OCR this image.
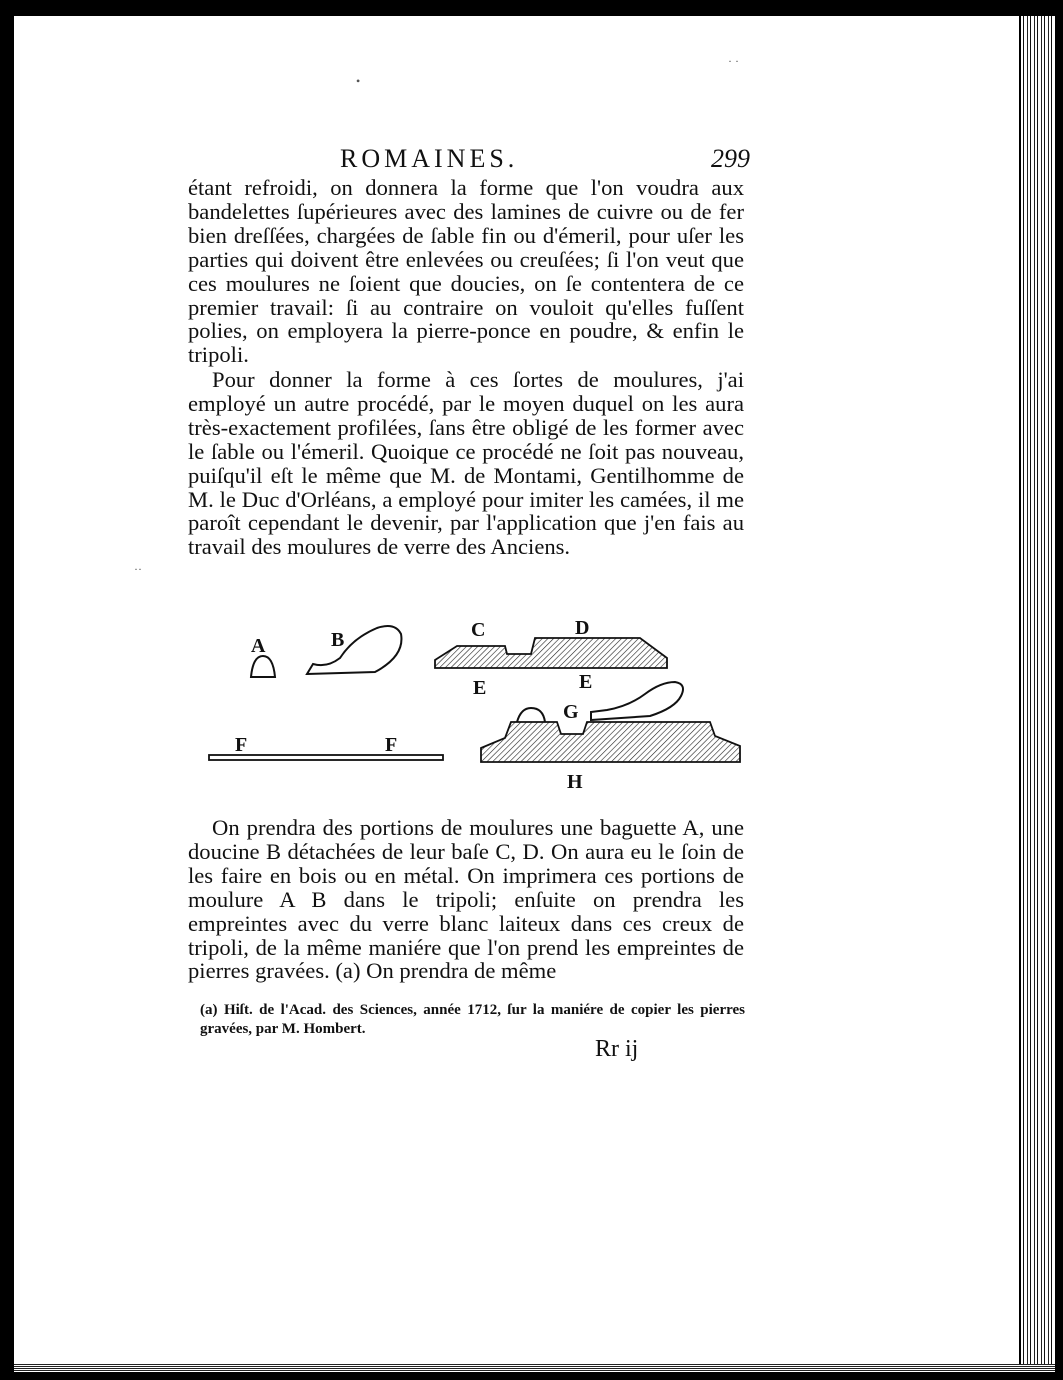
•
· ·
··
ROMAINES.	299

étant refroidi, on donnera la forme que l'on voudra aux bandelettes ſupérieures avec des lamines de cuivre ou de fer bien dreſſées, chargées de ſable fin ou d'émeril, pour uſer les parties qui doivent être enlevées ou creuſées; ſi l'on veut que ces moulures ne ſoient que doucies, on ſe contentera de ce premier travail: ſi au contraire on vouloit qu'elles fuſſent polies, on employera la pierre-ponce en poudre, & enfin le tripoli.

Pour donner la forme à ces ſortes de moulures, j'ai employé un autre procédé, par le moyen duquel on les aura très-exactement profilées, ſans être obligé de les former avec le ſable ou l'émeril. Quoique ce procédé ne ſoit pas nouveau, puiſqu'il eſt le même que M. de Montami, Gentilhomme de M. le Duc d'Orléans, a employé pour imiter les camées, il me paroît cependant le devenir, par l'application que j'en fais au travail des moulures de verre des Anciens.

A	B	C	D
E	E
F	F
G
H

On prendra des portions de moulures une baguette A, une doucine B détachées de leur baſe C, D. On aura eu le ſoin de les faire en bois ou en métal. On imprimera ces portions de moulure A B dans le tripoli; enſuite on prendra les empreintes avec du verre blanc laiteux dans ces creux de tripoli, de la même maniére que l'on prend les empreintes de pierres gravées. (a) On prendra de même

(a) Hiſt. de l'Acad. des Sciences, année 1712, ſur la maniére de copier les pierres gravées, par M. Hombert.
Rr ij
